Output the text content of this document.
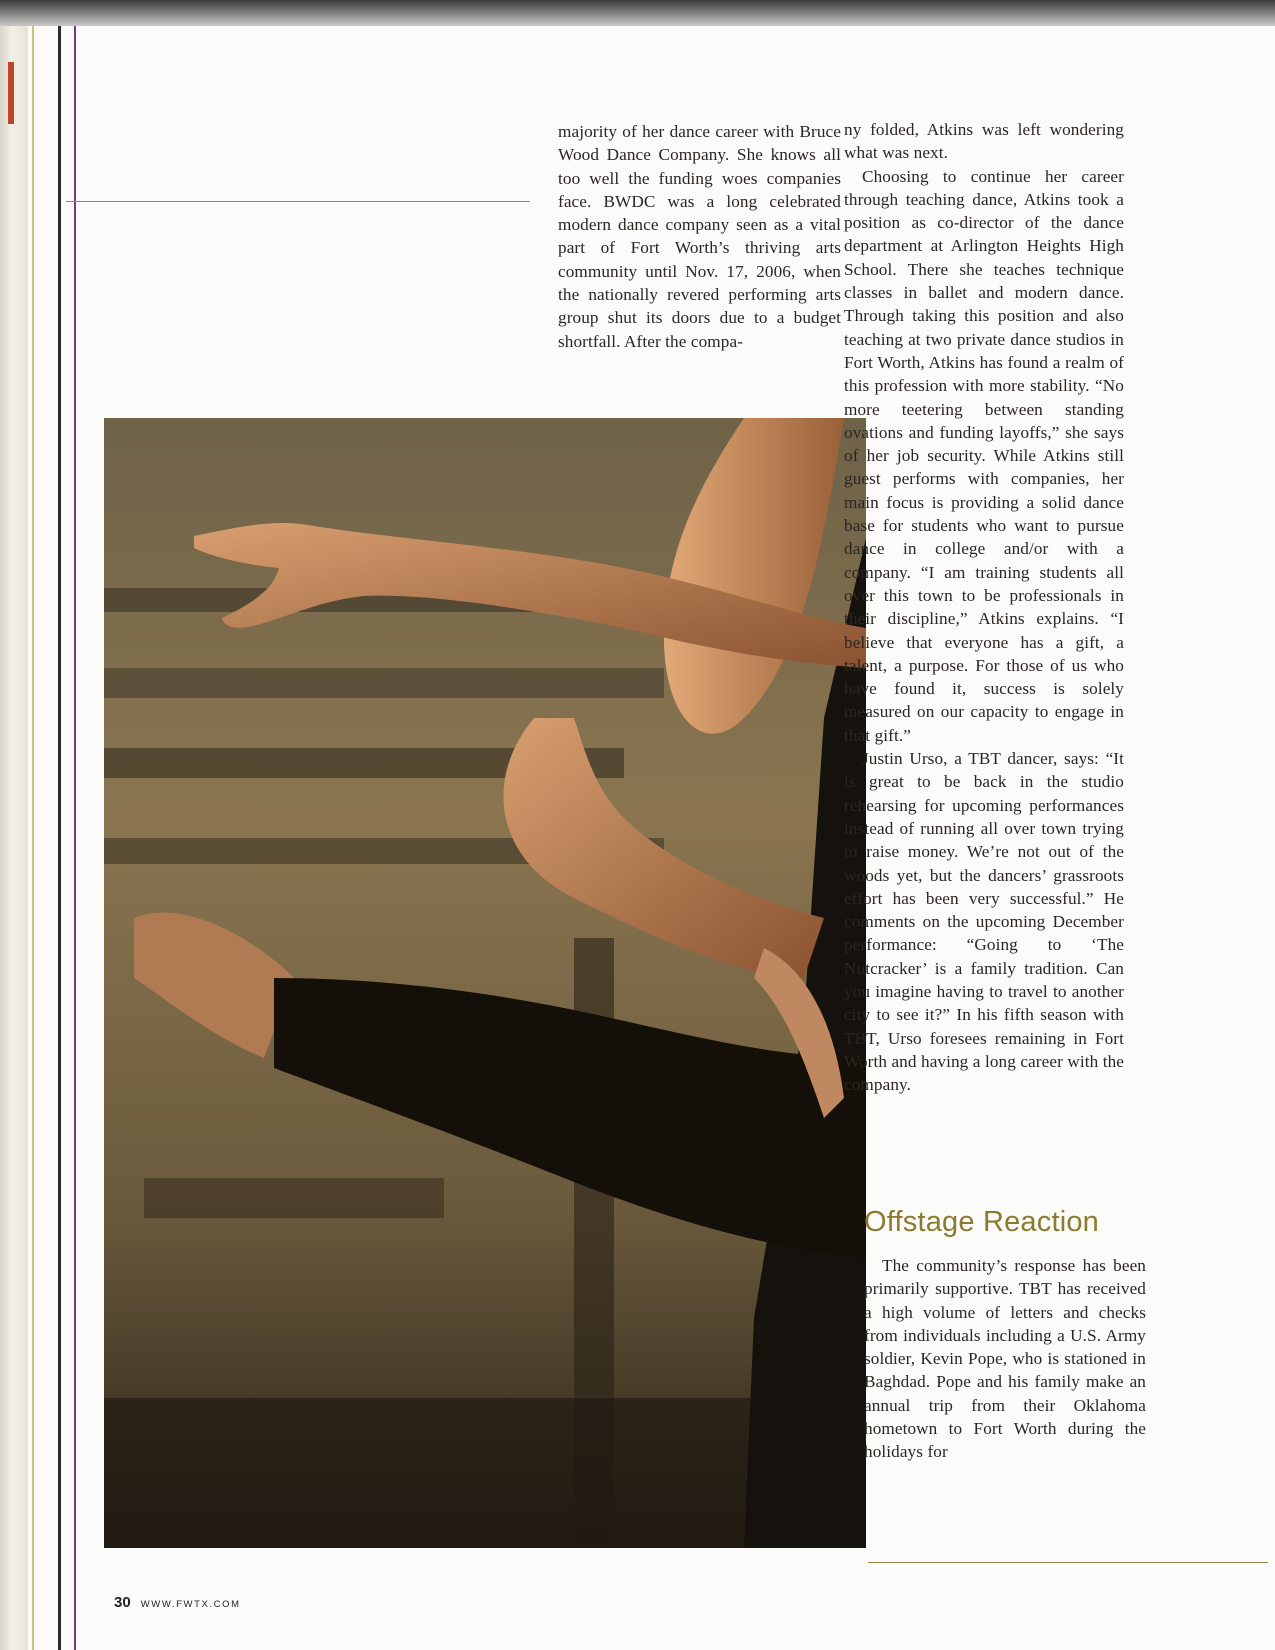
majority of her dance career with Bruce Wood Dance Company. She knows all too well the funding woes companies face. BWDC was a long celebrated modern dance company seen as a vital part of Fort Worth’s thriving arts community until Nov. 17, 2006, when the nationally revered performing arts group shut its doors due to a budget shortfall. After the compa-

ny folded, Atkins was left wondering what was next.

Choosing to continue her career through teaching dance, Atkins took a position as co-director of the dance department at Arlington Heights High School. There she teaches technique classes in ballet and modern dance. Through taking this position and also teaching at two private dance studios in Fort Worth, Atkins has found a realm of this profession with more stability. “No more teetering between standing ovations and funding layoffs,” she says of her job security. While Atkins still guest performs with companies, her main focus is providing a solid dance base for students who want to pursue dance in college and/or with a company. “I am training students all over this town to be professionals in their discipline,” Atkins explains. “I believe that everyone has a gift, a talent, a purpose. For those of us who have found it, success is solely measured on our capacity to engage in that gift.”

Justin Urso, a TBT dancer, says: “It is great to be back in the studio rehearsing for upcoming performances instead of running all over town trying to raise money. We’re not out of the woods yet, but the dancers’ grassroots effort has been very successful.” He comments on the upcoming December performance: “Going to ‘The Nutcracker’ is a family tradition. Can you imagine having to travel to another city to see it?” In his fifth season with TBT, Urso foresees remaining in Fort Worth and having a long career with the company.

Offstage Reaction

The community’s response has been primarily supportive. TBT has received a high volume of letters and checks from individuals including a U.S. Army soldier, Kevin Pope, who is stationed in Baghdad. Pope and his family make an annual trip from their Oklahoma hometown to Fort Worth during the holidays for

30 WWW.FWTX.COM
